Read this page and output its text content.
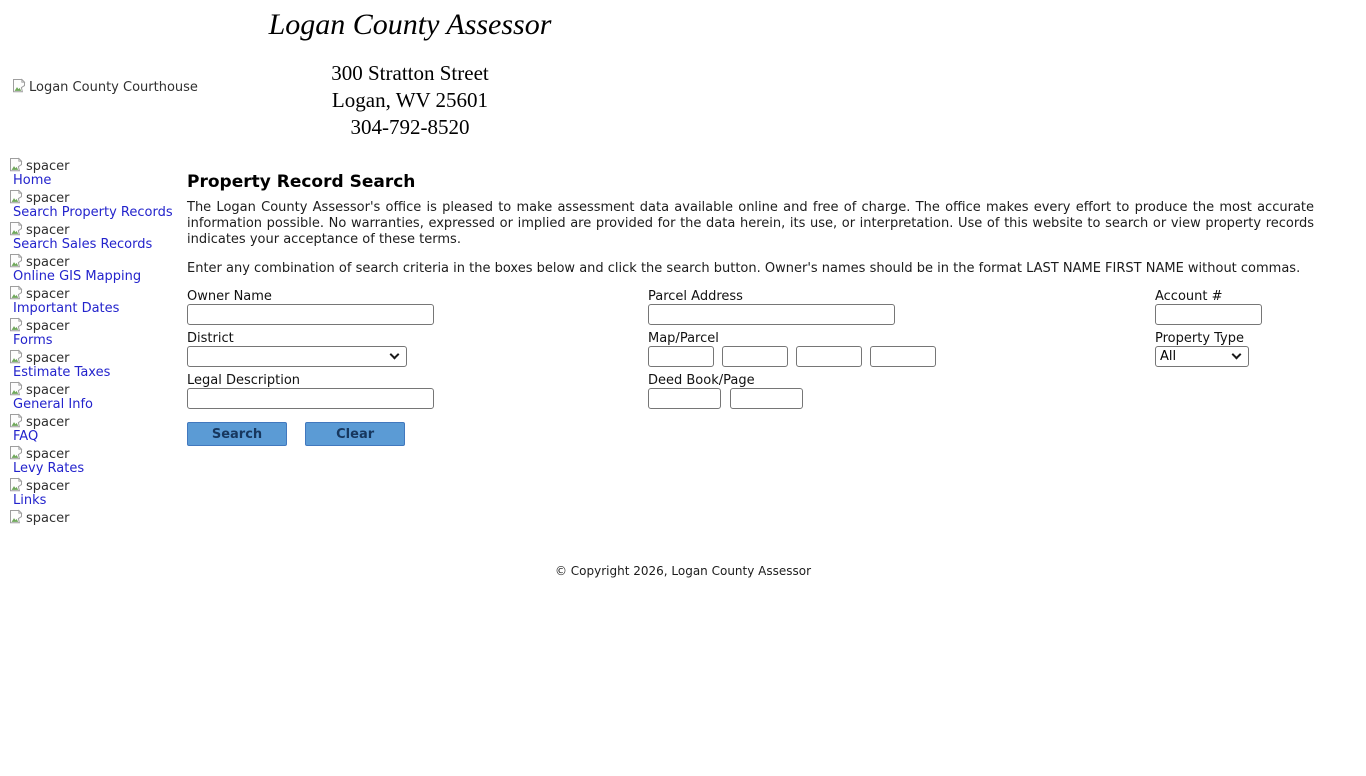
Logan County Assessor
Logan County Courthouse
300 Stratton Street
Logan, WV 25601
304-792-8520
spacer
Home
spacer
Search Property Records
spacer
Search Sales Records
spacer
Online GIS Mapping
spacer
Important Dates
spacer
Forms
spacer
Estimate Taxes
spacer
General Info
spacer
FAQ
spacer
Levy Rates
spacer
Links
spacer
Property Record Search

The Logan County Assessor's office is pleased to make assessment data available online and free of charge. The office makes every effort to produce the most accurate information possible. No warranties, expressed or implied are provided for the data herein, its use, or interpretation. Use of this website to search or view property records indicates your acceptance of these terms.

Enter any combination of search criteria in the boxes below and click the search button. Owner's names should be in the format LAST NAME FIRST NAME without commas.

Owner Name
District
Legal Description
Search	Clear
Parcel Address
Map/Parcel
Deed Book/Page
Account #
Property Type
All
© Copyright 2026, Logan County Assessor
